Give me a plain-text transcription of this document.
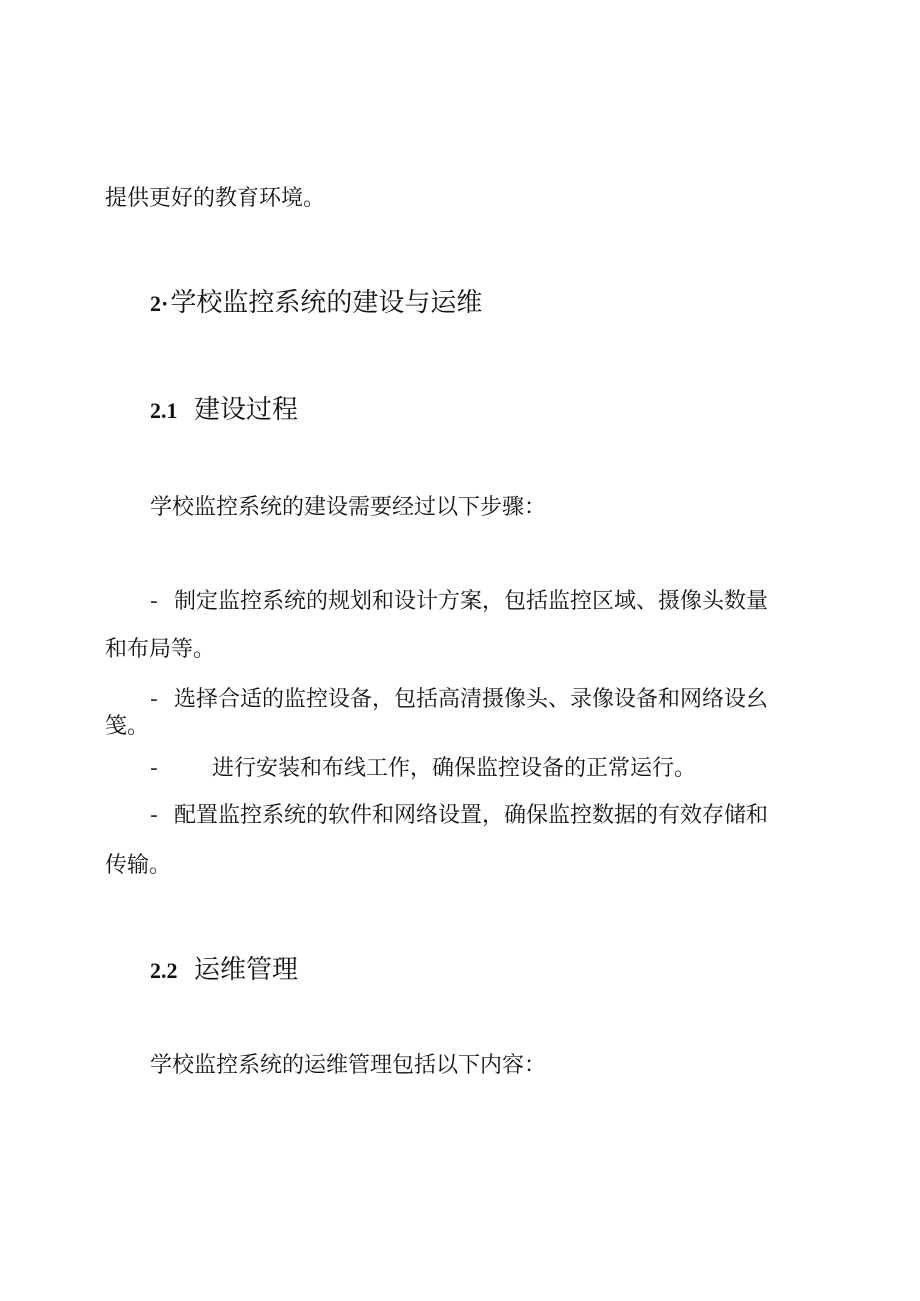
提供更好的教育环境。
2·学校监控系统的建设与运维
2.1 建设过程
学校监控系统的建设需要经过以下步骤：
- 制定监控系统的规划和设计方案，包括监控区域、摄像头数量
和布局等。
- 选择合适的监控设备，包括高清摄像头、录像设备和网络设幺
笺。
- 进行安装和布线工作，确保监控设备的正常运行。
- 配置监控系统的软件和网络设置，确保监控数据的有效存储和
传输。
2.2 运维管理
学校监控系统的运维管理包括以下内容：
